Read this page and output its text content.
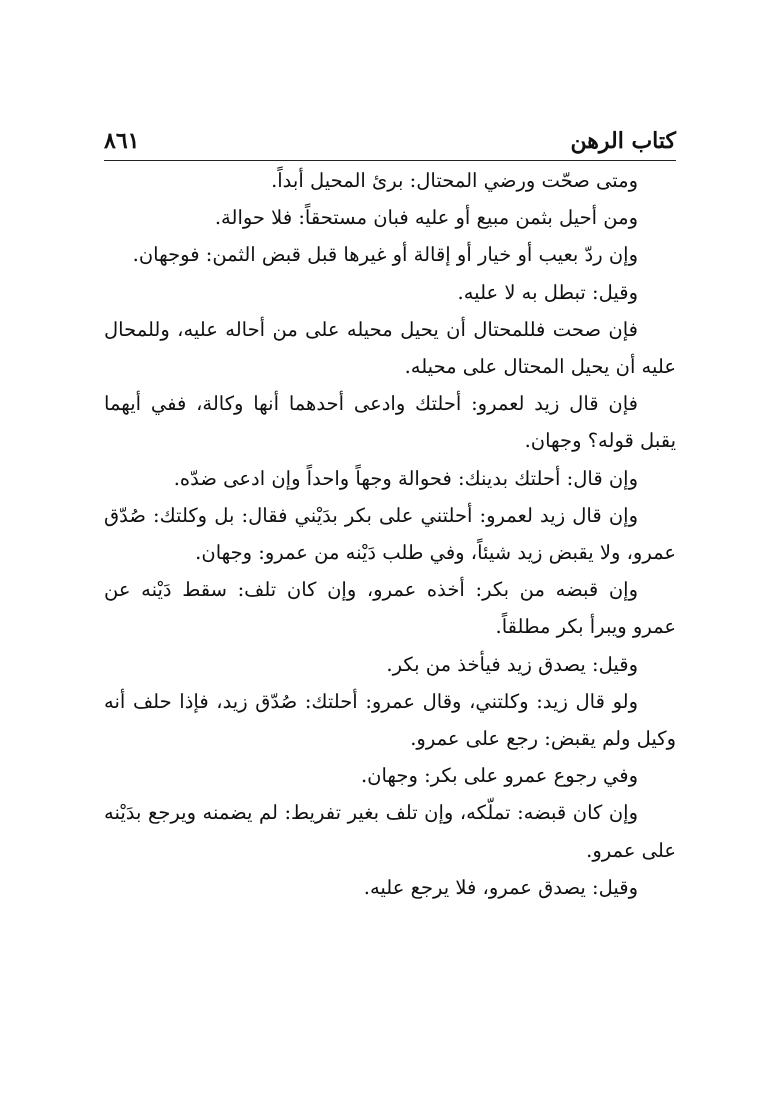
كتاب الرهن
٨٦١

ومتى صحّت ورضي المحتال: برئ المحيل أبداً.

ومن أحيل بثمن مبيع أو عليه فبان مستحقاً: فلا حوالة.

وإن ردّ بعيب أو خيار أو إقالة أو غيرها قبل قبض الثمن: فوجهان.

وقيل: تبطل به لا عليه.

فإن صحت فللمحتال أن يحيل محيله على من أحاله عليه، وللمحال عليه أن يحيل المحتال على محيله.

فإن قال زيد لعمرو: أحلتك وادعى أحدهما أنها وكالة، ففي أيهما يقبل قوله؟ وجهان.

وإن قال: أحلتك بدينك: فحوالة وجهاً واحداً وإن ادعى ضدّه.

وإن قال زيد لعمرو: أحلتني على بكر بدَيْني فقال: بل وكلتك: صُدّق عمرو، ولا يقبض زيد شيئاً، وفي طلب دَيْنه من عمرو: وجهان.

وإن قبضه من بكر: أخذه عمرو، وإن كان تلف: سقط دَيْنه عن عمرو ويبرأ بكر مطلقاً.

وقيل: يصدق زيد فيأخذ من بكر.

ولو قال زيد: وكلتني، وقال عمرو: أحلتك: صُدّق زيد، فإذا حلف أنه وكيل ولم يقبض: رجع على عمرو.

وفي رجوع عمرو على بكر: وجهان.

وإن كان قبضه: تملّكه، وإن تلف بغير تفريط: لم يضمنه ويرجع بدَيْنه على عمرو.

وقيل: يصدق عمرو، فلا يرجع عليه.
